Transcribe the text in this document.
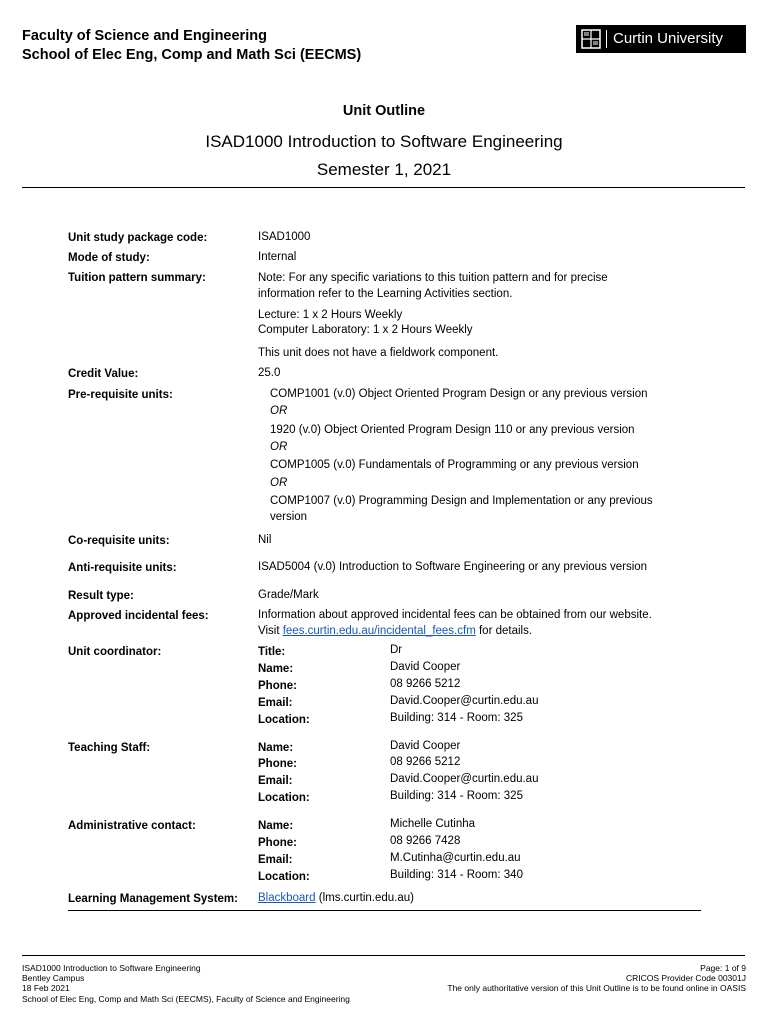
Faculty of Science and Engineering
School of Elec Eng, Comp and Math Sci (EECMS)
Curtin University
Unit Outline
ISAD1000 Introduction to Software Engineering
Semester 1, 2021
Unit study package code:	ISAD1000
Mode of study:	Internal
Tuition pattern summary:	Note: For any specific variations to this tuition pattern and for precise
information refer to the Learning Activities section.
Lecture: 1 x 2 Hours Weekly
Computer Laboratory: 1 x 2 Hours Weekly
This unit does not have a fieldwork component.
Credit Value:	25.0
Pre-requisite units:	COMP1001 (v.0) Object Oriented Program Design or any previous version
OR
1920 (v.0) Object Oriented Program Design 110 or any previous version
OR
COMP1005 (v.0) Fundamentals of Programming or any previous version
OR
COMP1007 (v.0) Programming Design and Implementation or any previous
version
Co-requisite units:	Nil
Anti-requisite units:	ISAD5004 (v.0) Introduction to Software Engineering or any previous version
Result type:	Grade/Mark
Approved incidental fees:	Information about approved incidental fees can be obtained from our website.
Visit fees.curtin.edu.au/incidental_fees.cfm for details.
Unit coordinator:	Title:	Dr
Name:	David Cooper
Phone:	08 9266 5212
Email:	David.Cooper@curtin.edu.au
Location:	Building: 314 - Room: 325
Teaching Staff:	Name:	David Cooper
Phone:	08 9266 5212
Email:	David.Cooper@curtin.edu.au
Location:	Building: 314 - Room: 325
Administrative contact:	Name:	Michelle Cutinha
Phone:	08 9266 7428
Email:	M.Cutinha@curtin.edu.au
Location:	Building: 314 - Room: 340
Learning Management System: Blackboard (lms.curtin.edu.au)
ISAD1000 Introduction to Software Engineering
Bentley Campus
18 Feb 2021
School of Elec Eng, Comp and Math Sci (EECMS), Faculty of Science and Engineering
Page: 1 of 9
CRICOS Provider Code 00301J
The only authoritative version of this Unit Outline is to be found online in OASIS
